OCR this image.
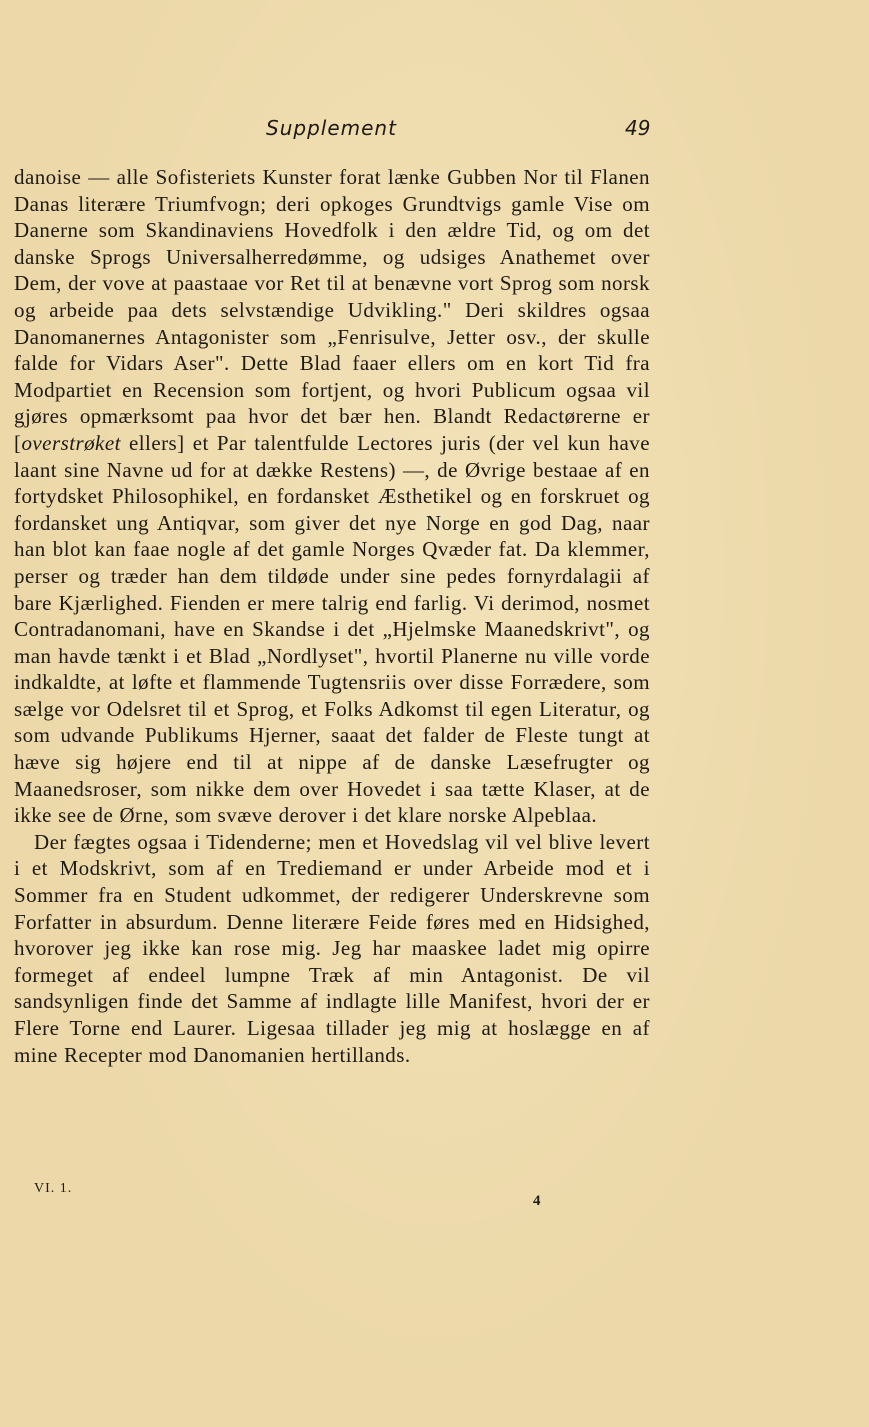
Supplement	49

danoise — alle Sofisteriets Kunster forat lænke Gubben Nor til Flanen Danas literære Triumfvogn; deri opkoges Grundtvigs gamle Vise om Danerne som Skandinaviens Hovedfolk i den ældre Tid, og om det danske Sprogs Universalherredømme, og udsiges Anathemet over Dem, der vove at paastaae vor Ret til at benævne vort Sprog som norsk og arbeide paa dets selvstændige Udvikling." Deri skildres ogsaa Danomanernes Antagonister som „Fenrisulve, Jetter osv., der skulle falde for Vidars Aser". Dette Blad faaer ellers om en kort Tid fra Modpartiet en Recension som fortjent, og hvori Publicum ogsaa vil gjøres opmærksomt paa hvor det bær hen. Blandt Redactørerne er [overstrøket ellers] et Par talentfulde Lectores juris (der vel kun have laant sine Navne ud for at dække Restens) —, de Øvrige bestaae af en fortydsket Philosophikel, en fordansket Æsthetikel og en forskruet og fordansket ung Antiqvar, som giver det nye Norge en god Dag, naar han blot kan faae nogle af det gamle Norges Qvæder fat. Da klemmer, perser og træder han dem tildøde under sine pedes fornyrdalagii af bare Kjærlighed. Fienden er mere talrig end farlig. Vi derimod, nosmet Contradanomani, have en Skandse i det „Hjelmske Maanedskrivt", og man havde tænkt i et Blad „Nordlyset", hvortil Planerne nu ville vorde indkaldte, at løfte et flammende Tugtensriis over disse Forrædere, som sælge vor Odelsret til et Sprog, et Folks Adkomst til egen Literatur, og som udvande Publikums Hjerner, saaat det falder de Fleste tungt at hæve sig højere end til at nippe af de danske Læsefrugter og Maanedsroser, som nikke dem over Hovedet i saa tætte Klaser, at de ikke see de Ørne, som svæve derover i det klare norske Alpeblaa.

Der fægtes ogsaa i Tidenderne; men et Hovedslag vil vel blive levert i et Modskrivt, som af en Trediemand er under Arbeide mod et i Sommer fra en Student udkommet, der redigerer Underskrevne som Forfatter in absurdum. Denne literære Feide føres med en Hidsighed, hvorover jeg ikke kan rose mig. Jeg har maaskee ladet mig opirre formeget af endeel lumpne Træk af min Antagonist. De vil sandsynligen finde det Samme af indlagte lille Manifest, hvori der er Flere Torne end Laurer. Ligesaa tillader jeg mig at hoslægge en af mine Recepter mod Danomanien hertillands.

VI. 1.
4
